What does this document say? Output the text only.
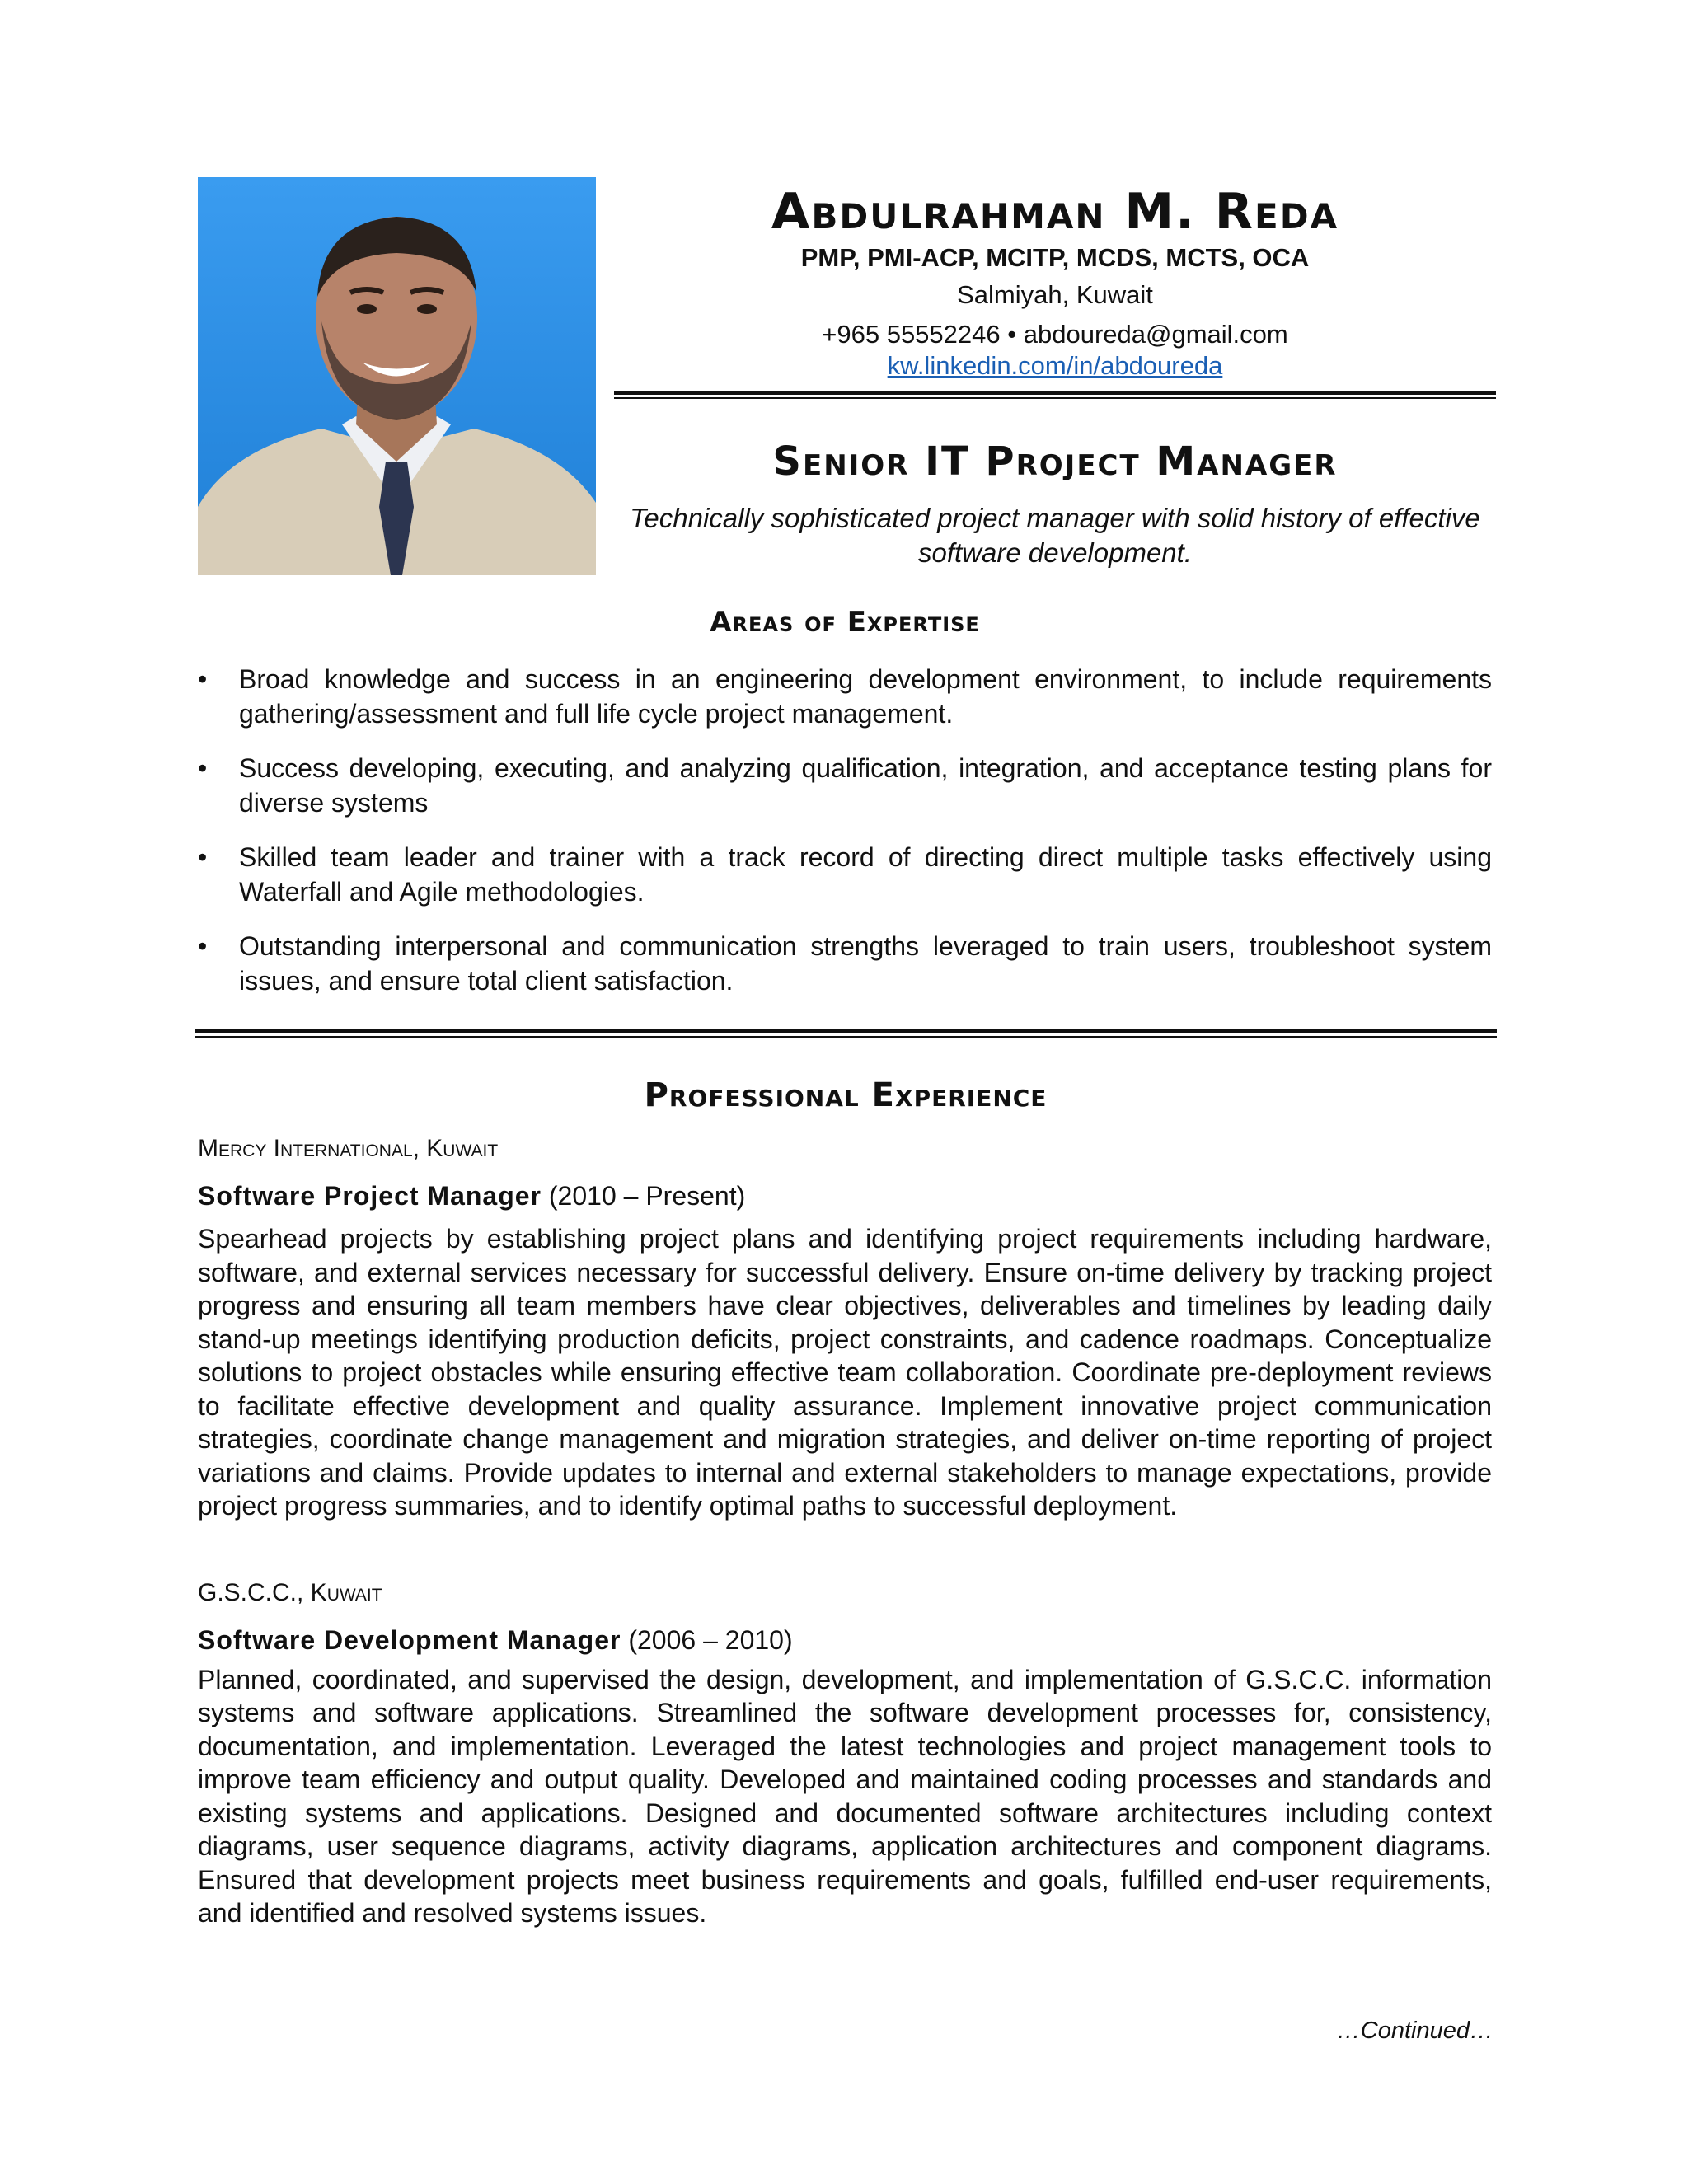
Abdulrahman M. Reda
PMP, PMI-ACP, MCITP, MCDS, MCTS, OCA
Salmiyah, Kuwait
+965 55552246 • abdoureda@gmail.com
kw.linkedin.com/in/abdoureda
Senior IT Project Manager
Technically sophisticated project manager with solid history of effective software development.
Areas of Expertise
•	Broad knowledge and success in an engineering development environment, to include requirements gathering/assessment and full life cycle project management.
•	Success developing, executing, and analyzing qualification, integration, and acceptance testing plans for diverse systems
•	Skilled team leader and trainer with a track record of directing direct multiple tasks effectively using Waterfall and Agile methodologies.
•	Outstanding interpersonal and communication strengths leveraged to train users, troubleshoot system issues, and ensure total client satisfaction.
Professional Experience
Mercy International, Kuwait
Software Project Manager (2010 – Present)
Spearhead projects by establishing project plans and identifying project requirements including hardware, software, and external services necessary for successful delivery. Ensure on-time delivery by tracking project progress and ensuring all team members have clear objectives, deliverables and timelines by leading daily stand-up meetings identifying production deficits, project constraints, and cadence roadmaps. Conceptualize solutions to project obstacles while ensuring effective team collaboration. Coordinate pre-deployment reviews to facilitate effective development and quality assurance. Implement innovative project communication strategies, coordinate change management and migration strategies, and deliver on-time reporting of project variations and claims. Provide updates to internal and external stakeholders to manage expectations, provide project progress summaries, and to identify optimal paths to successful deployment.
G.S.C.C., Kuwait
Software Development Manager (2006 – 2010)
Planned, coordinated, and supervised the design, development, and implementation of G.S.C.C. information systems and software applications. Streamlined the software development processes for, consistency, documentation, and implementation. Leveraged the latest technologies and project management tools to improve team efficiency and output quality. Developed and maintained coding processes and standards and existing systems and applications. Designed and documented software architectures including context diagrams, user sequence diagrams, activity diagrams, application architectures and component diagrams. Ensured that development projects meet business requirements and goals, fulfilled end-user requirements, and identified and resolved systems issues.
…Continued…
